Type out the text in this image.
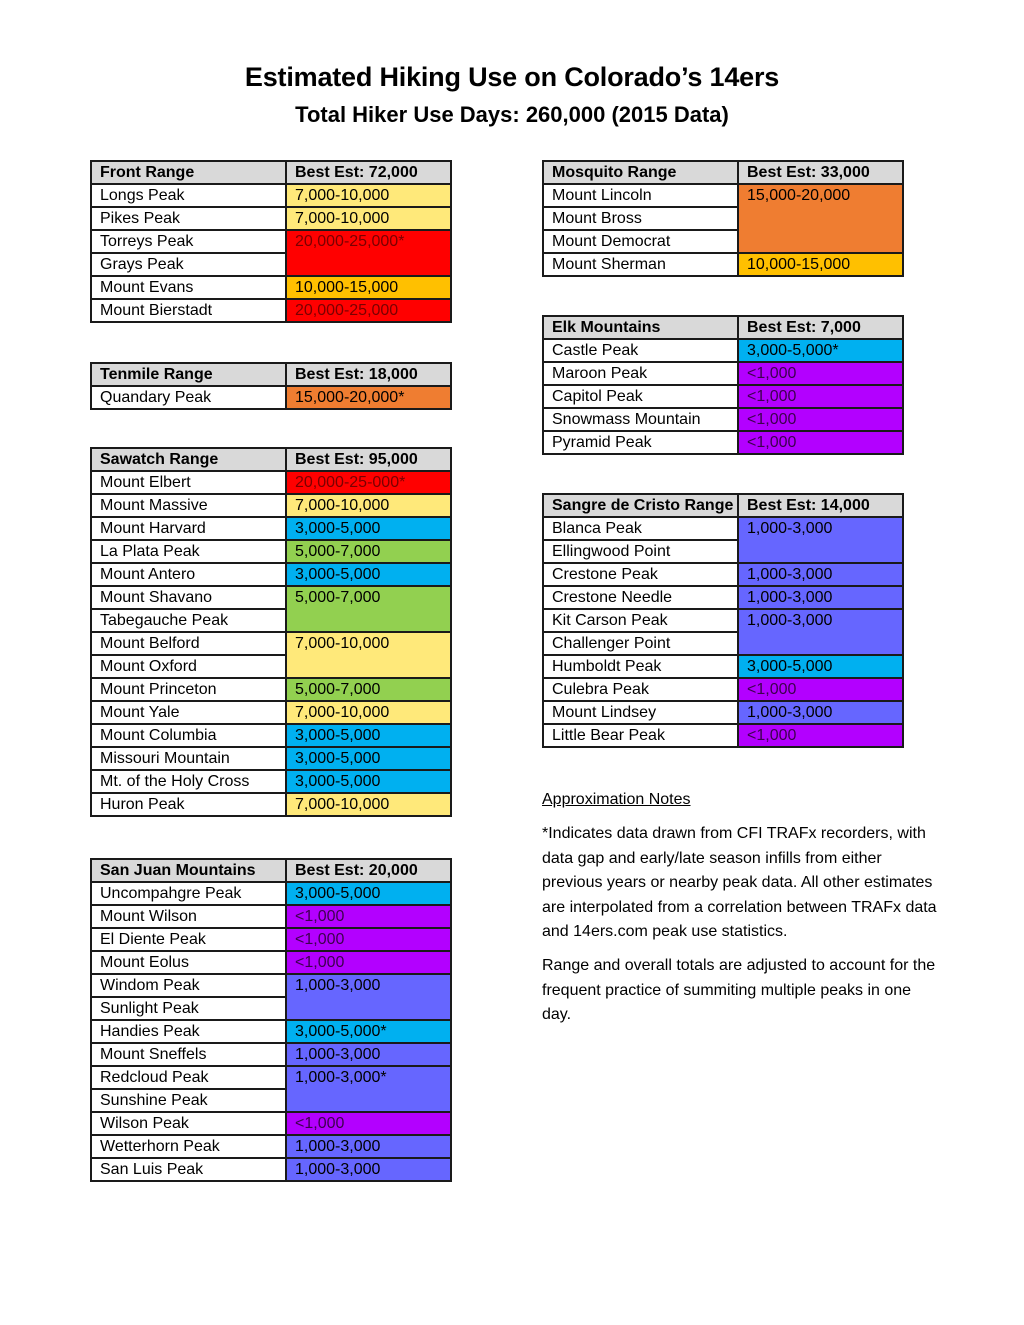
Estimated Hiking Use on Colorado’s 14ers
Total Hiker Use Days: 260,000 (2015 Data)
Front Range	Best Est: 72,000
Longs Peak	7,000-10,000
Pikes Peak	7,000-10,000
Torreys Peak	20,000-25,000*
Grays Peak	
Mount Evans	10,000-15,000
Mount Bierstadt	20,000-25,000
Tenmile Range	Best Est: 18,000
Quandary Peak	15,000-20,000*
Sawatch Range	Best Est: 95,000
Mount Elbert	20,000-25-000*
Mount Massive	7,000-10,000
Mount Harvard	3,000-5,000
La Plata Peak	5,000-7,000
Mount Antero	3,000-5,000
Mount Shavano	5,000-7,000
Tabegauche Peak	
Mount Belford	7,000-10,000
Mount Oxford	
Mount Princeton	5,000-7,000
Mount Yale	7,000-10,000
Mount Columbia	3,000-5,000
Missouri Mountain	3,000-5,000
Mt. of the Holy Cross	3,000-5,000
Huron Peak	7,000-10,000
San Juan Mountains	Best Est: 20,000
Uncompahgre Peak	3,000-5,000
Mount Wilson	<1,000
El Diente Peak	<1,000
Mount Eolus	<1,000
Windom Peak	1,000-3,000
Sunlight Peak	
Handies Peak	3,000-5,000*
Mount Sneffels	1,000-3,000
Redcloud Peak	1,000-3,000*
Sunshine Peak	
Wilson Peak	<1,000
Wetterhorn Peak	1,000-3,000
San Luis Peak	1,000-3,000
Mosquito Range	Best Est: 33,000
Mount Lincoln	15,000-20,000
Mount Bross	
Mount Democrat	
Mount Sherman	10,000-15,000
Elk Mountains	Best Est: 7,000
Castle Peak	3,000-5,000*
Maroon Peak	<1,000
Capitol Peak	<1,000
Snowmass Mountain	<1,000
Pyramid Peak	<1,000
Sangre de Cristo Range	Best Est: 14,000
Blanca Peak	1,000-3,000
Ellingwood Point	
Crestone Peak	1,000-3,000
Crestone Needle	1,000-3,000
Kit Carson Peak	1,000-3,000
Challenger Point	
Humboldt Peak	3,000-5,000
Culebra Peak	<1,000
Mount Lindsey	1,000-3,000
Little Bear Peak	<1,000
Approximation Notes

*Indicates data drawn from CFI TRAFx recorders, with data gap and early/late season infills from either previous years or nearby peak data. All other estimates are interpolated from a correlation between TRAFx data and 14ers.com peak use statistics.

Range and overall totals are adjusted to account for the frequent practice of summiting multiple peaks in one day.
